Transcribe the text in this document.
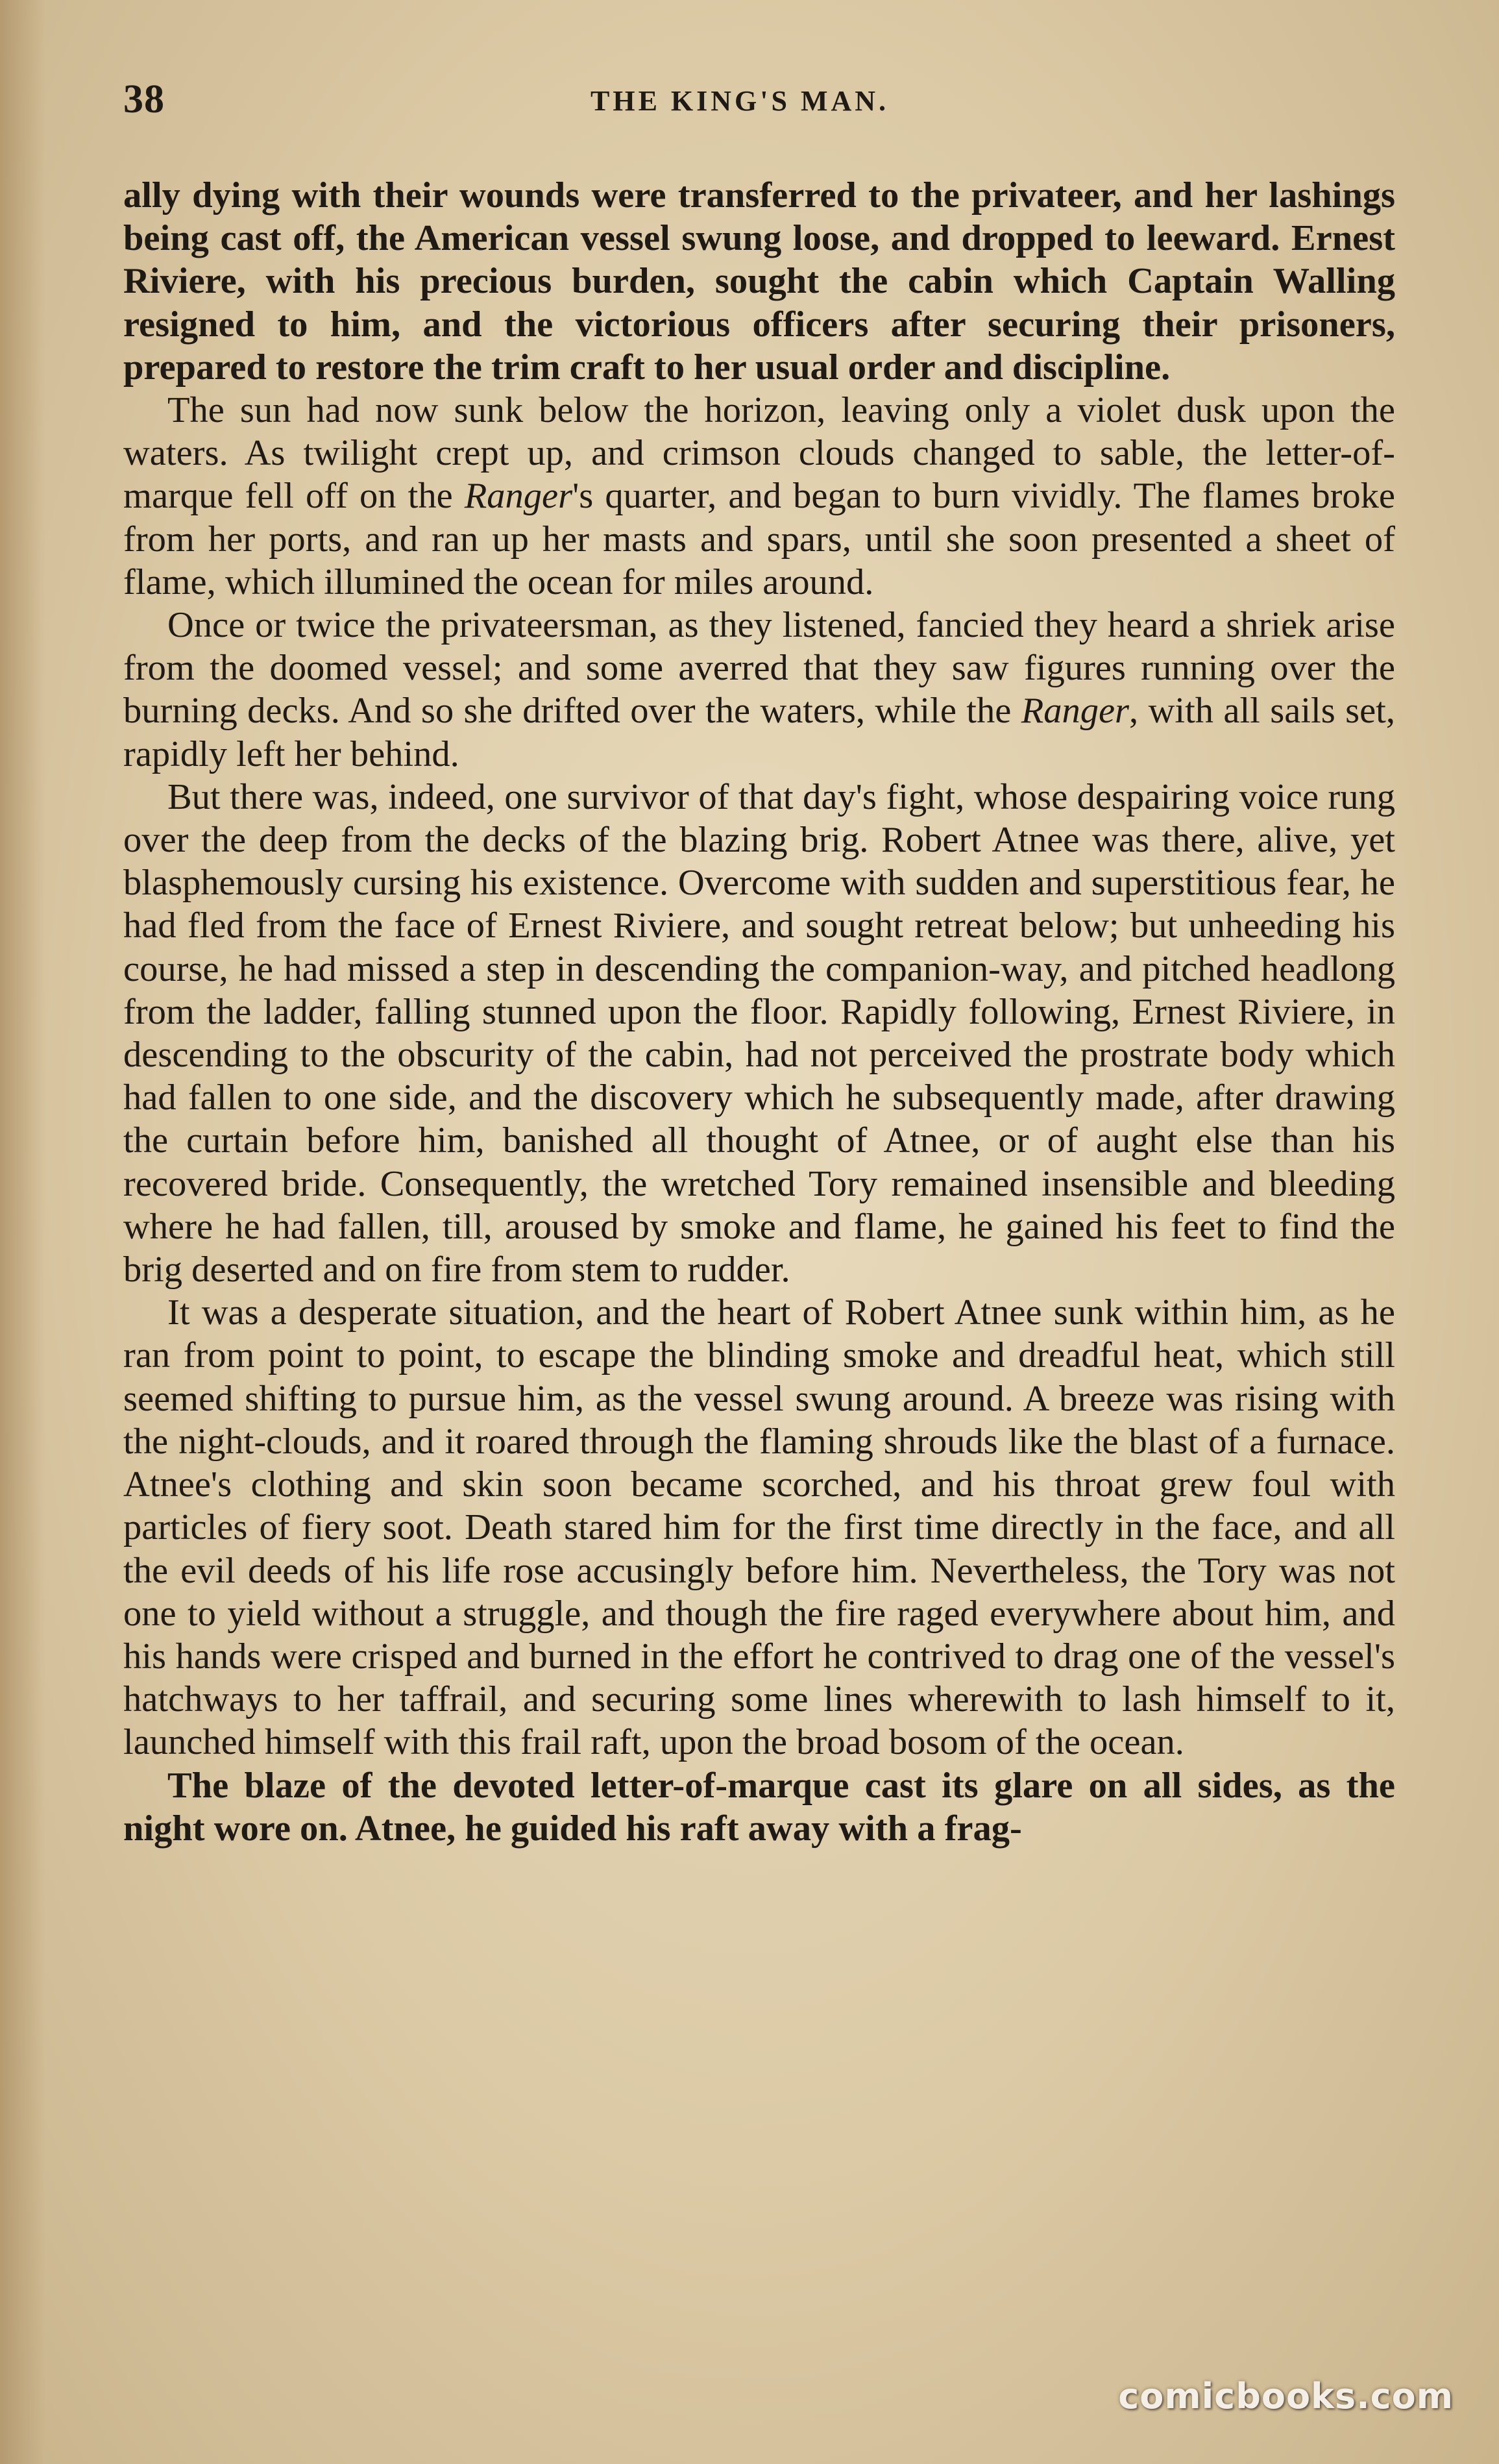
38	THE KING'S MAN.

ally dying with their wounds were transferred to the privateer, and her lashings being cast off, the American vessel swung loose, and dropped to leeward. Ernest Riviere, with his precious burden, sought the cabin which Captain Walling resigned to him, and the victorious officers after securing their prisoners, prepared to restore the trim craft to her usual order and discipline.

The sun had now sunk below the horizon, leaving only a violet dusk upon the waters. As twilight crept up, and crimson clouds changed to sable, the letter-of-marque fell off on the Ranger's quarter, and began to burn vividly. The flames broke from her ports, and ran up her masts and spars, until she soon presented a sheet of flame, which illumined the ocean for miles around.

Once or twice the privateersman, as they listened, fancied they heard a shriek arise from the doomed vessel; and some averred that they saw figures running over the burning decks. And so she drifted over the waters, while the Ranger, with all sails set, rapidly left her behind.

But there was, indeed, one survivor of that day's fight, whose despairing voice rung over the deep from the decks of the blazing brig. Robert Atnee was there, alive, yet blasphemously cursing his existence. Overcome with sudden and superstitious fear, he had fled from the face of Ernest Riviere, and sought retreat below; but unheeding his course, he had missed a step in descending the companion-way, and pitched headlong from the ladder, falling stunned upon the floor. Rapidly following, Ernest Riviere, in descending to the obscurity of the cabin, had not perceived the prostrate body which had fallen to one side, and the discovery which he subsequently made, after drawing the curtain before him, banished all thought of Atnee, or of aught else than his recovered bride. Consequently, the wretched Tory remained insensible and bleeding where he had fallen, till, aroused by smoke and flame, he gained his feet to find the brig deserted and on fire from stem to rudder.

It was a desperate situation, and the heart of Robert Atnee sunk within him, as he ran from point to point, to escape the blinding smoke and dreadful heat, which still seemed shifting to pursue him, as the vessel swung around. A breeze was rising with the night-clouds, and it roared through the flaming shrouds like the blast of a furnace. Atnee's clothing and skin soon became scorched, and his throat grew foul with particles of fiery soot. Death stared him for the first time directly in the face, and all the evil deeds of his life rose accusingly before him. Nevertheless, the Tory was not one to yield without a struggle, and though the fire raged everywhere about him, and his hands were crisped and burned in the effort he contrived to drag one of the vessel's hatchways to her taffrail, and securing some lines wherewith to lash himself to it, launched himself with this frail raft, upon the broad bosom of the ocean.

The blaze of the devoted letter-of-marque cast its glare on all sides, as the night wore on. Atnee, he guided his raft away with a frag-

comicbooks.com
